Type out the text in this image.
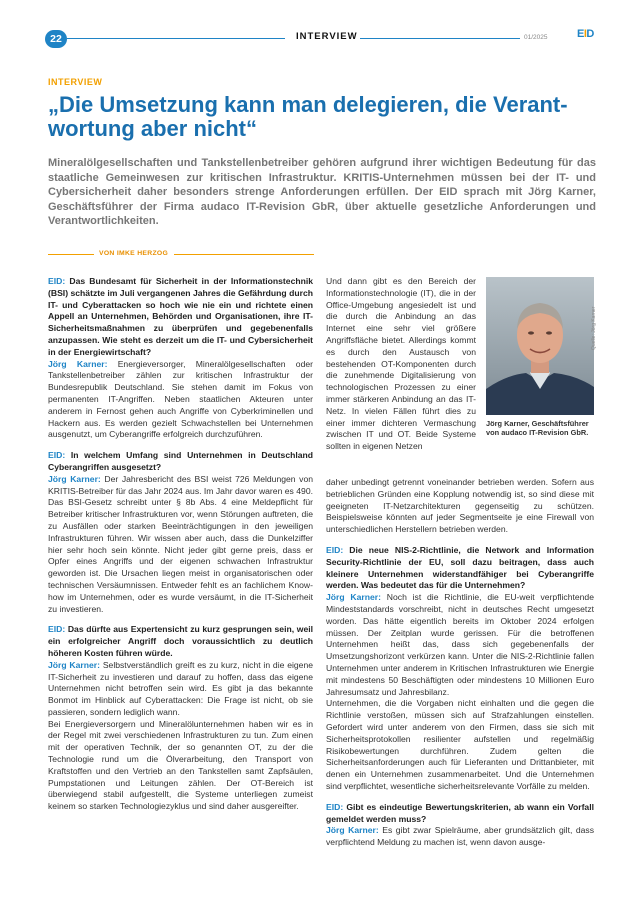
22	INTERVIEW	01/2025	EID
INTERVIEW
„Die Umsetzung kann man delegieren, die Verant-wortung aber nicht“
Mineralölgesellschaften und Tankstellenbetreiber gehören aufgrund ihrer wichtigen Bedeutung für das staatliche Gemeinwesen zur kritischen Infrastruktur. KRITIS-Unternehmen müssen bei der IT- und Cybersicherheit daher besonders strenge Anforderungen erfüllen. Der EID sprach mit Jörg Karner, Geschäftsführer der Firma audaco IT-Revision GbR, über aktuelle gesetzliche Anforderungen und Verantwortlichkeiten.
VON IMKE HERZOG

EID: Das Bundesamt für Sicherheit in der Informationstechnik (BSI) schätzte im Juli vergangenen Jahres die Gefährdung durch IT- und Cyberattacken so hoch wie nie ein und richtete einen Appell an Unternehmen, Behörden und Organisationen, ihre IT-Sicherheitsmaßnahmen zu überprüfen und gegebenenfalls anzupassen. Wie steht es derzeit um die IT- und Cybersicherheit in der Energiewirtschaft?

Jörg Karner: Energieversorger, Mineralölgesellschaften oder Tankstellenbetreiber zählen zur kritischen Infrastruktur der Bundesrepublik Deutschland. Sie stehen damit im Fokus von permanenten IT-Angriffen. Neben staatlichen Akteuren unter anderem in Fernost gehen auch Angriffe von Cyberkriminellen und Hackern aus. Es werden gezielt Schwachstellen bei Unternehmen ausgenutzt, um Cyberangriffe erfolgreich durchzuführen.

EID: In welchem Umfang sind Unternehmen in Deutschland Cyberangriffen ausgesetzt?

Jörg Karner: Der Jahresbericht des BSI weist 726 Meldungen von KRITIS-Betreiber für das Jahr 2024 aus. Im Jahr davor waren es 490. Das BSI-Gesetz schreibt unter § 8b Abs. 4 eine Meldepflicht für Betreiber kritischer Infrastrukturen vor, wenn Störungen auftreten, die zu Ausfällen oder starken Beeinträchtigungen in den jeweiligen Infrastrukturen führen. Wir wissen aber auch, dass die Dunkelziffer hier sehr hoch sein könnte. Nicht jeder gibt gerne preis, dass er Opfer eines Angriffs und der eigenen schwachen Infrastruktur geworden ist. Die Ursachen liegen meist in organisatorischen oder technischen Versäumnissen. Entweder fehlt es an fachlichem Know-how im Unternehmen, oder es wurde versäumt, in die IT-Sicherheit zu investieren.

EID: Das dürfte aus Expertensicht zu kurz gesprungen sein, weil ein erfolgreicher Angriff doch voraussichtlich zu deutlich höheren Kosten führen würde.

Jörg Karner: Selbstverständlich greift es zu kurz, nicht in die eigene IT-Sicherheit zu investieren und darauf zu hoffen, dass das eigene Unternehmen nicht betroffen sein wird. Es gibt ja das bekannte Bonmot im Hinblick auf Cyberattacken: Die Frage ist nicht, ob sie passieren, sondern lediglich wann.

Bei Energieversorgern und Mineralölunternehmen haben wir es in der Regel mit zwei verschiedenen Infrastrukturen zu tun. Zum einen mit der operativen Technik, der so genannten OT, zu der die Technologie rund um die Ölverarbeitung, den Transport von Kraftstoffen und den Vertrieb an den Tankstellen samt Zapfsäulen, Pumpstationen und Leitungen zählen. Der OT-Bereich ist überwiegend stabil aufgestellt, die Systeme unterliegen zumeist keinem so starken Technologiezyklus und sind daher ausgereifter.

Und dann gibt es den Bereich der Informationstechnologie (IT), die in der Office-Umgebung angesiedelt ist und die durch die Anbindung an das Internet eine sehr viel größere Angriffsfläche bietet. Allerdings kommt es durch den Austausch von bestehenden OT-Komponenten durch die zunehmende Digitalisierung von technologischen Prozessen zu einer immer stärkeren Anbindung an das IT-Netz. In vielen Fällen führt dies zu einer immer dichteren Vermaschung zwischen IT und OT. Beide Systeme sollten in eigenen Netzen

Quelle: Jörg Karner
Jörg Karner, Geschäftsführer von audaco IT-Revision GbR.

daher unbedingt getrennt voneinander betrieben werden. Sofern aus betrieblichen Gründen eine Kopplung notwendig ist, so sind diese mit geeigneten IT-Netzarchitekturen gegenseitig zu schützen. Beispielsweise könnten auf jeder Segmentseite je eine Firewall von unterschiedlichen Herstellern betrieben werden.

EID: Die neue NIS-2-Richtlinie, die Network and Information Security-Richtlinie der EU, soll dazu beitragen, dass auch kleinere Unternehmen widerstandfähiger bei Cyberangriffe werden. Was bedeutet das für die Unternehmen?

Jörg Karner: Noch ist die Richtlinie, die EU-weit verpflichtende Mindeststandards vorschreibt, nicht in deutsches Recht umgesetzt worden. Das hätte eigentlich bereits im Oktober 2024 erfolgen müssen. Der Zeitplan wurde gerissen. Für die betroffenen Unternehmen heißt das, dass sich gegebenenfalls der Umsetzungshorizont verkürzen kann. Unter die NIS-2-Richtlinie fallen Unternehmen unter anderem in Kritischen Infrastrukturen wie Energie mit mindestens 50 Beschäftigten oder mindestens 10 Millionen Euro Jahresumsatz und Jahresbilanz.

Unternehmen, die die Vorgaben nicht einhalten und die gegen die Richtlinie verstoßen, müssen sich auf Strafzahlungen einstellen. Gefordert wird unter anderem von den Firmen, dass sie sich mit Sicherheitsprotokollen resilienter aufstellen und regelmäßig Risikobewertungen durchführen. Zudem gelten die Sicherheitsanforderungen auch für Lieferanten und Drittanbieter, mit denen ein Unternehmen zusammenarbeitet. Und die Unternehmen sind verpflichtet, wesentliche sicherheitsrelevante Vorfälle zu melden.

EID: Gibt es eindeutige Bewertungskriterien, ab wann ein Vorfall gemeldet werden muss?

Jörg Karner: Es gibt zwar Spielräume, aber grundsätzlich gilt, dass verpflichtend Meldung zu machen ist, wenn davon ausge-
